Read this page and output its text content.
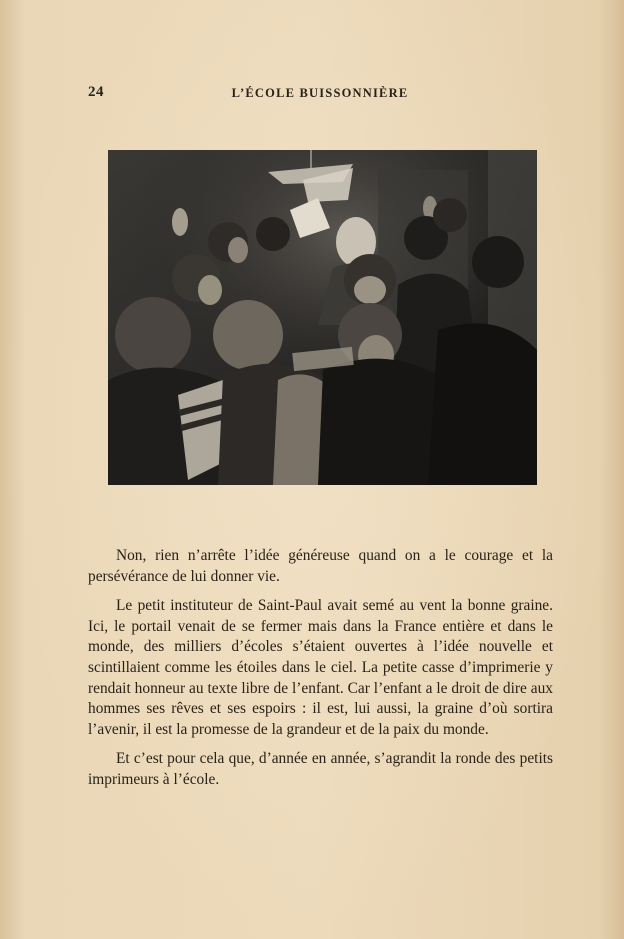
24	L’ÉCOLE BUISSONNIÈRE

Non, rien n’arrête l’idée généreuse quand on a le courage et la persévérance de lui donner vie.

Le petit instituteur de Saint-Paul avait semé au vent la bonne graine. Ici, le portail venait de se fermer mais dans la France entière et dans le monde, des milliers d’écoles s’étaient ouvertes à l’idée nouvelle et scintillaient comme les étoiles dans le ciel. La petite casse d’imprimerie y rendait honneur au texte libre de l’enfant. Car l’enfant a le droit de dire aux hommes ses rêves et ses espoirs : il est, lui aussi, la graine d’où sortira l’avenir, il est la promesse de la grandeur et de la paix du monde.

Et c’est pour cela que, d’année en année, s’agrandit la ronde des petits imprimeurs à l’école.
